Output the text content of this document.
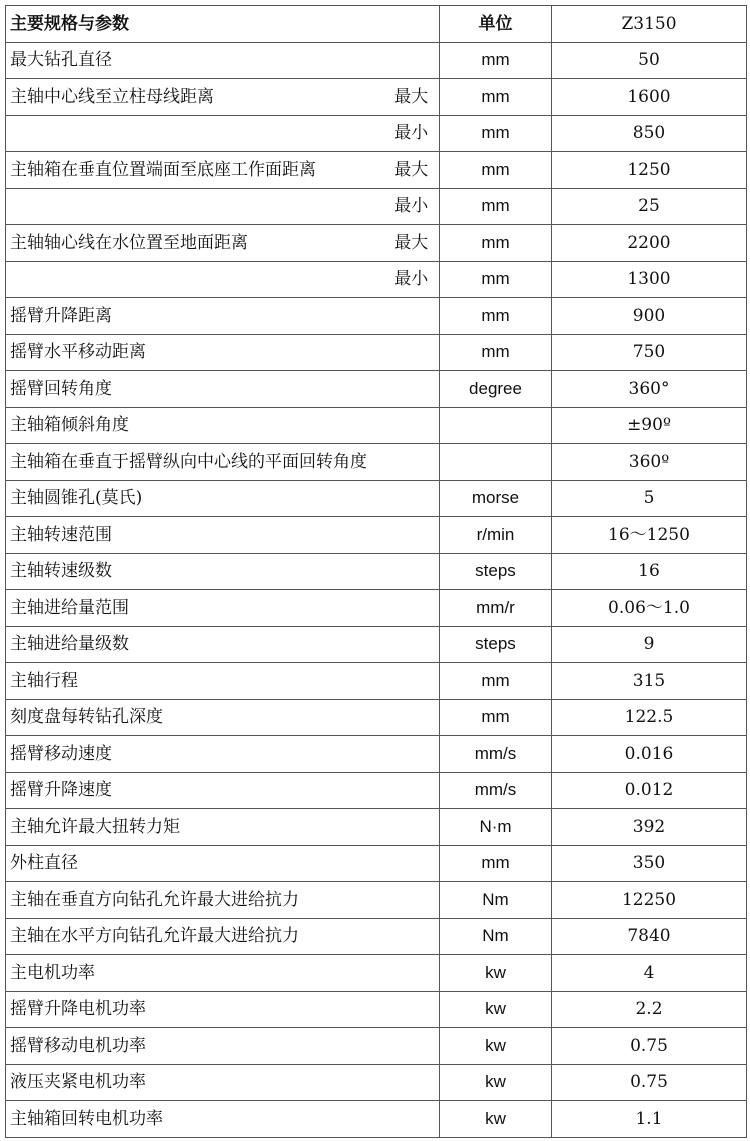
主要规格与参数		单位	Z3150
最大钻孔直径		mm	50
主轴中心线至立柱母线距离	最大	mm	1600
	最小	mm	850
主轴箱在垂直位置端面至底座工作面距离	最大	mm	1250
	最小	mm	25
主轴轴心线在水位置至地面距离	最大	mm	2200
	最小	mm	1300
摇臂升降距离		mm	900
摇臂水平移动距离		mm	750
摇臂回转角度		degree	360°
主轴箱倾斜角度			±90º
主轴箱在垂直于摇臂纵向中心线的平面回转角度			360º
主轴圆锥孔(莫氏)		morse	5
主轴转速范围		r/min	16～1250
主轴转速级数		steps	16
主轴进给量范围		mm/r	0.06～1.0
主轴进给量级数		steps	9
主轴行程		mm	315
刻度盘每转钻孔深度		mm	122.5
摇臂移动速度		mm/s	0.016
摇臂升降速度		mm/s	0.012
主轴允许最大扭转力矩		N·m	392
外柱直径		mm	350
主轴在垂直方向钻孔允许最大进给抗力		Nm	12250
主轴在水平方向钻孔允许最大进给抗力		Nm	7840
主电机功率		kw	4
摇臂升降电机功率		kw	2.2
摇臂移动电机功率		kw	0.75
液压夹紧电机功率		kw	0.75
主轴箱回转电机功率		kw	1.1
